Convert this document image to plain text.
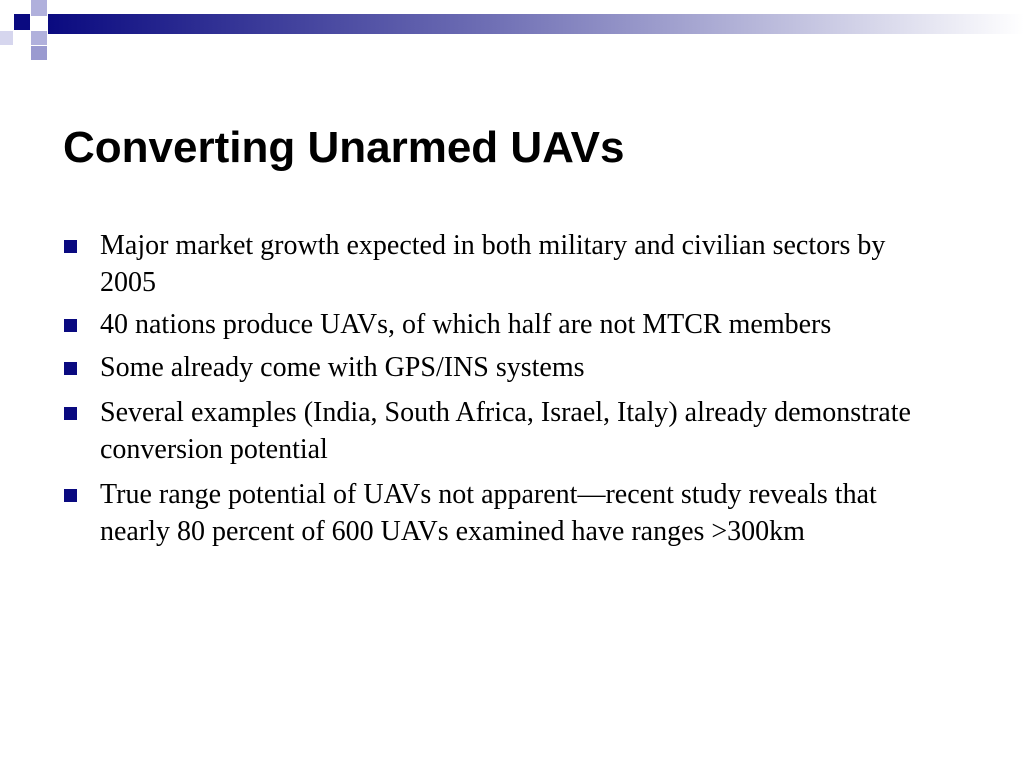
Converting Unarmed UAVs
Major market growth expected in both military and civilian sectors by 2005
40 nations produce UAVs, of which half are not MTCR members
Some already come with GPS/INS systems
Several examples (India, South Africa, Israel, Italy) already demonstrate conversion potential
True range potential of UAVs not apparent—recent study reveals that nearly 80 percent of 600 UAVs examined have ranges >300km
